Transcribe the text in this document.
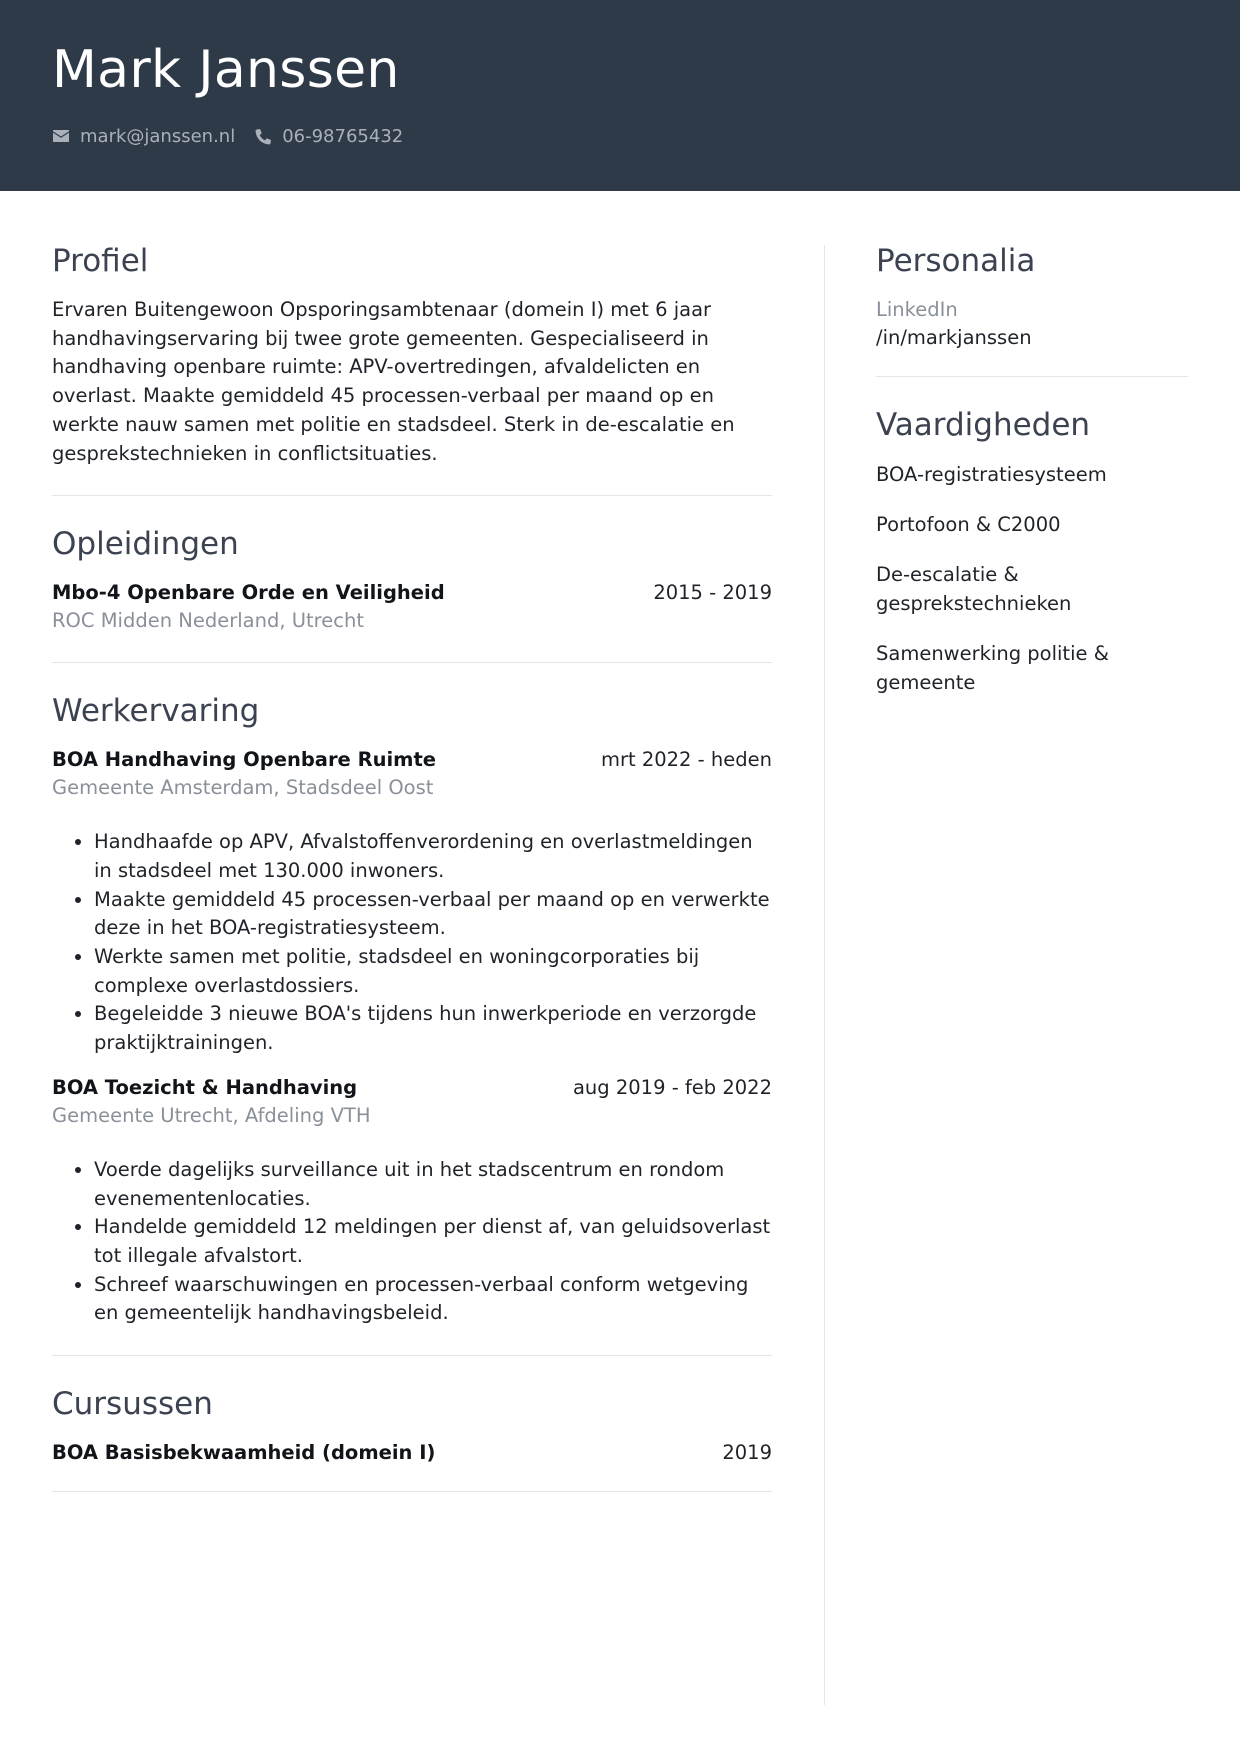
Mark Janssen
mark@janssen.nl	06-98765432
Profiel
Ervaren Buitengewoon Opsporingsambtenaar (domein I) met 6 jaar handhavingservaring bij twee grote gemeenten. Gespecialiseerd in handhaving openbare ruimte: APV-overtredingen, afvaldelicten en overlast. Maakte gemiddeld 45 processen-verbaal per maand op en werkte nauw samen met politie en stadsdeel. Sterk in de-escalatie en gesprekstechnieken in conflictsituaties.
Opleidingen
Mbo-4 Openbare Orde en Veiligheid	2015 - 2019
ROC Midden Nederland, Utrecht
Werkervaring
BOA Handhaving Openbare Ruimte	mrt 2022 - heden
Gemeente Amsterdam, Stadsdeel Oost
• Handhaafde op APV, Afvalstoffenverordening en overlastmeldingen in stadsdeel met 130.000 inwoners.
• Maakte gemiddeld 45 processen-verbaal per maand op en verwerkte deze in het BOA-registratiesysteem.
• Werkte samen met politie, stadsdeel en woningcorporaties bij complexe overlastdossiers.
• Begeleidde 3 nieuwe BOA's tijdens hun inwerkperiode en verzorgde praktijktrainingen.
BOA Toezicht & Handhaving	aug 2019 - feb 2022
Gemeente Utrecht, Afdeling VTH
• Voerde dagelijks surveillance uit in het stadscentrum en rondom evenementenlocaties.
• Handelde gemiddeld 12 meldingen per dienst af, van geluidsoverlast tot illegale afvalstort.
• Schreef waarschuwingen en processen-verbaal conform wetgeving en gemeentelijk handhavingsbeleid.
Cursussen
BOA Basisbekwaamheid (domein I)	2019
Personalia
LinkedIn
/in/markjanssen
Vaardigheden
BOA-registratiesysteem
Portofoon & C2000
De-escalatie & gesprekstechnieken
Samenwerking politie & gemeente
